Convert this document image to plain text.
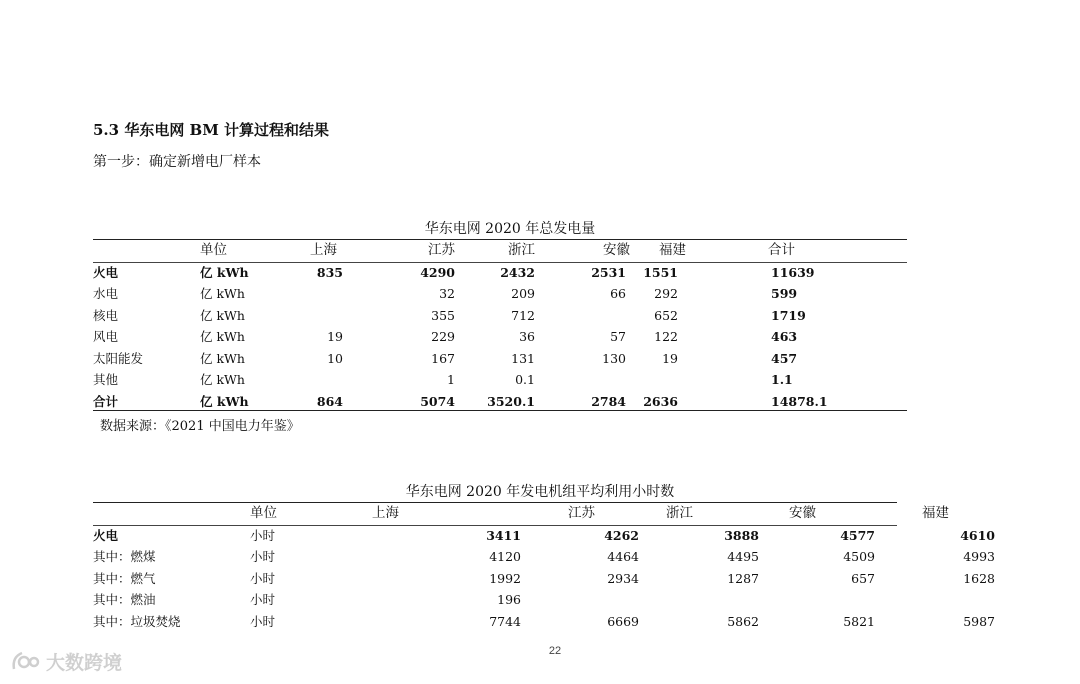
5.3 华东电网 BM 计算过程和结果
第一步：确定新增电厂样本
华东电网 2020 年总发电量
	单位	上海	江苏	浙江	安徽	福建	合计
火电	亿 kWh	835	4290	2432	2531	1551	11639
水电	亿 kWh		32	209	66	292	599
核电	亿 kWh		355	712		652	1719
风电	亿 kWh	19	229	36	57	122	463
太阳能发	亿 kWh	10	167	131	130	19	457
其他	亿 kWh		1	0.1			1.1
合计	亿 kWh	864	5074	3520.1	2784	2636	14878.1
数据来源：《2021 中国电力年鉴》
华东电网 2020 年发电机组平均利用小时数
	单位	上海	江苏	浙江	安徽	福建
火电	小时	3411	4262	3888	4577	4610
其中：燃煤	小时	4120	4464	4495	4509	4993
其中：燃气	小时	1992	2934	1287	657	1628
其中：燃油	小时	196				
其中：垃圾焚烧	小时	7744	6669	5862	5821	5987
22
大数跨境
